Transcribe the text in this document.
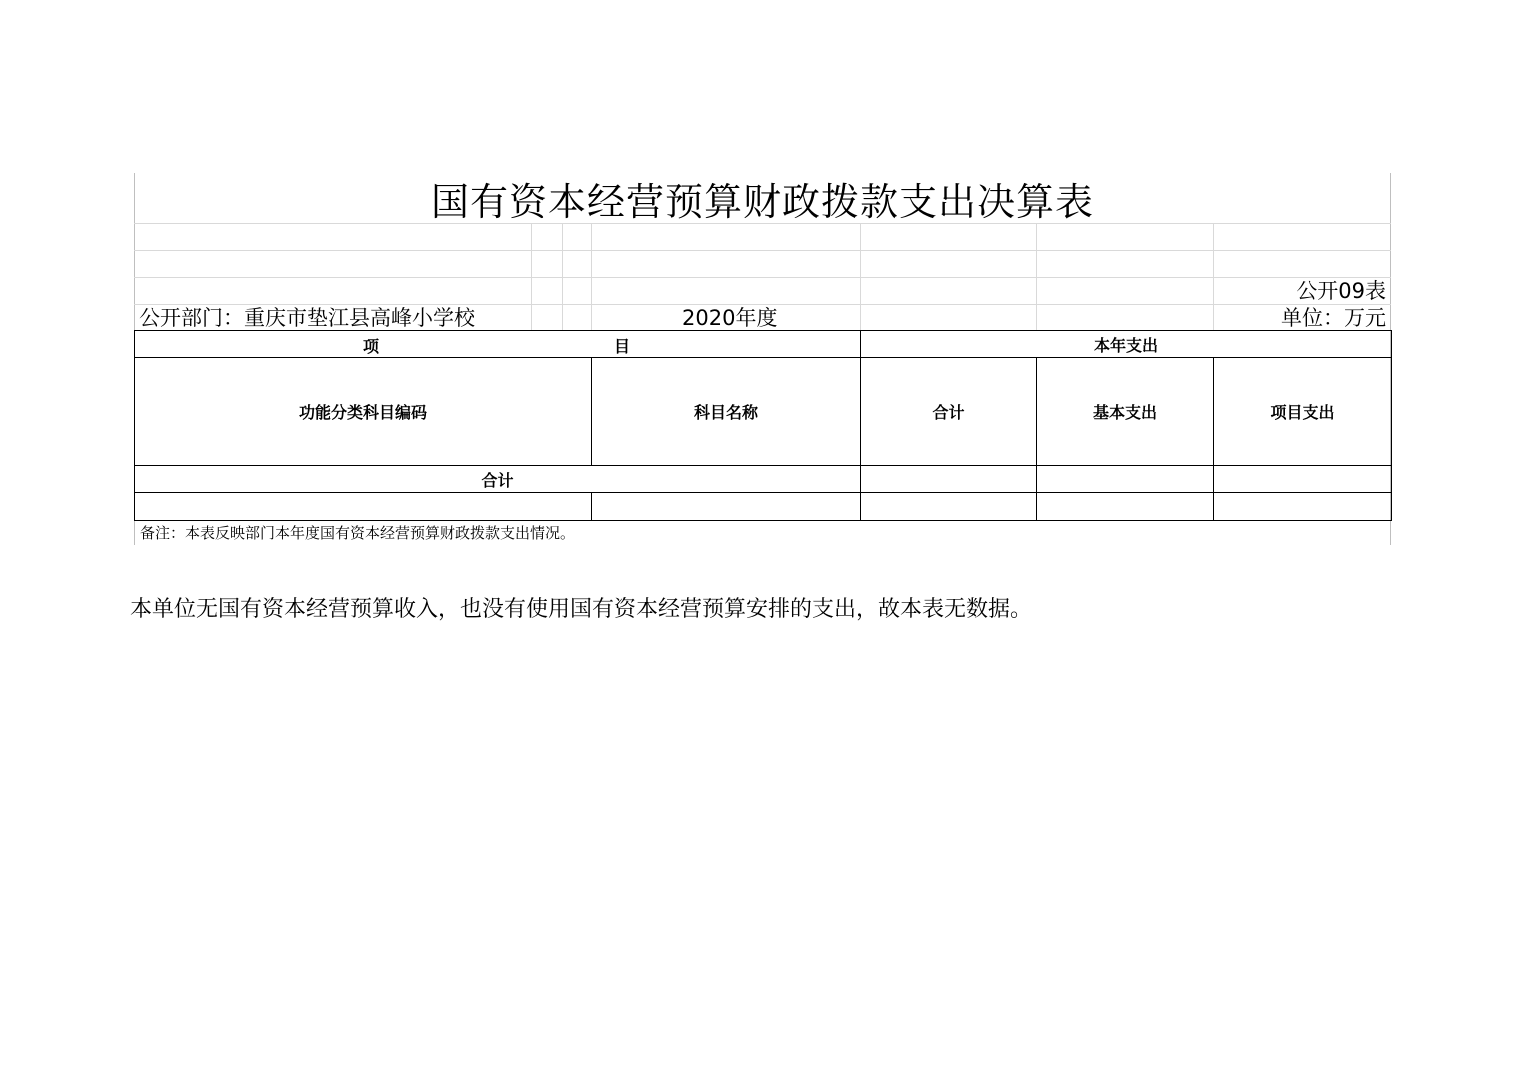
国有资本经营预算财政拨款支出决算表
公开09表
公开部门：重庆市垫江县高峰小学校	2020年度	单位：万元
项 目		本年支出		
功能分类科目编码	科目名称	合计	基本支出	项目支出
合计				

备注：本表反映部门本年度国有资本经营预算财政拨款支出情况。
本单位无国有资本经营预算收入，也没有使用国有资本经营预算安排的支出，故本表无数据。
